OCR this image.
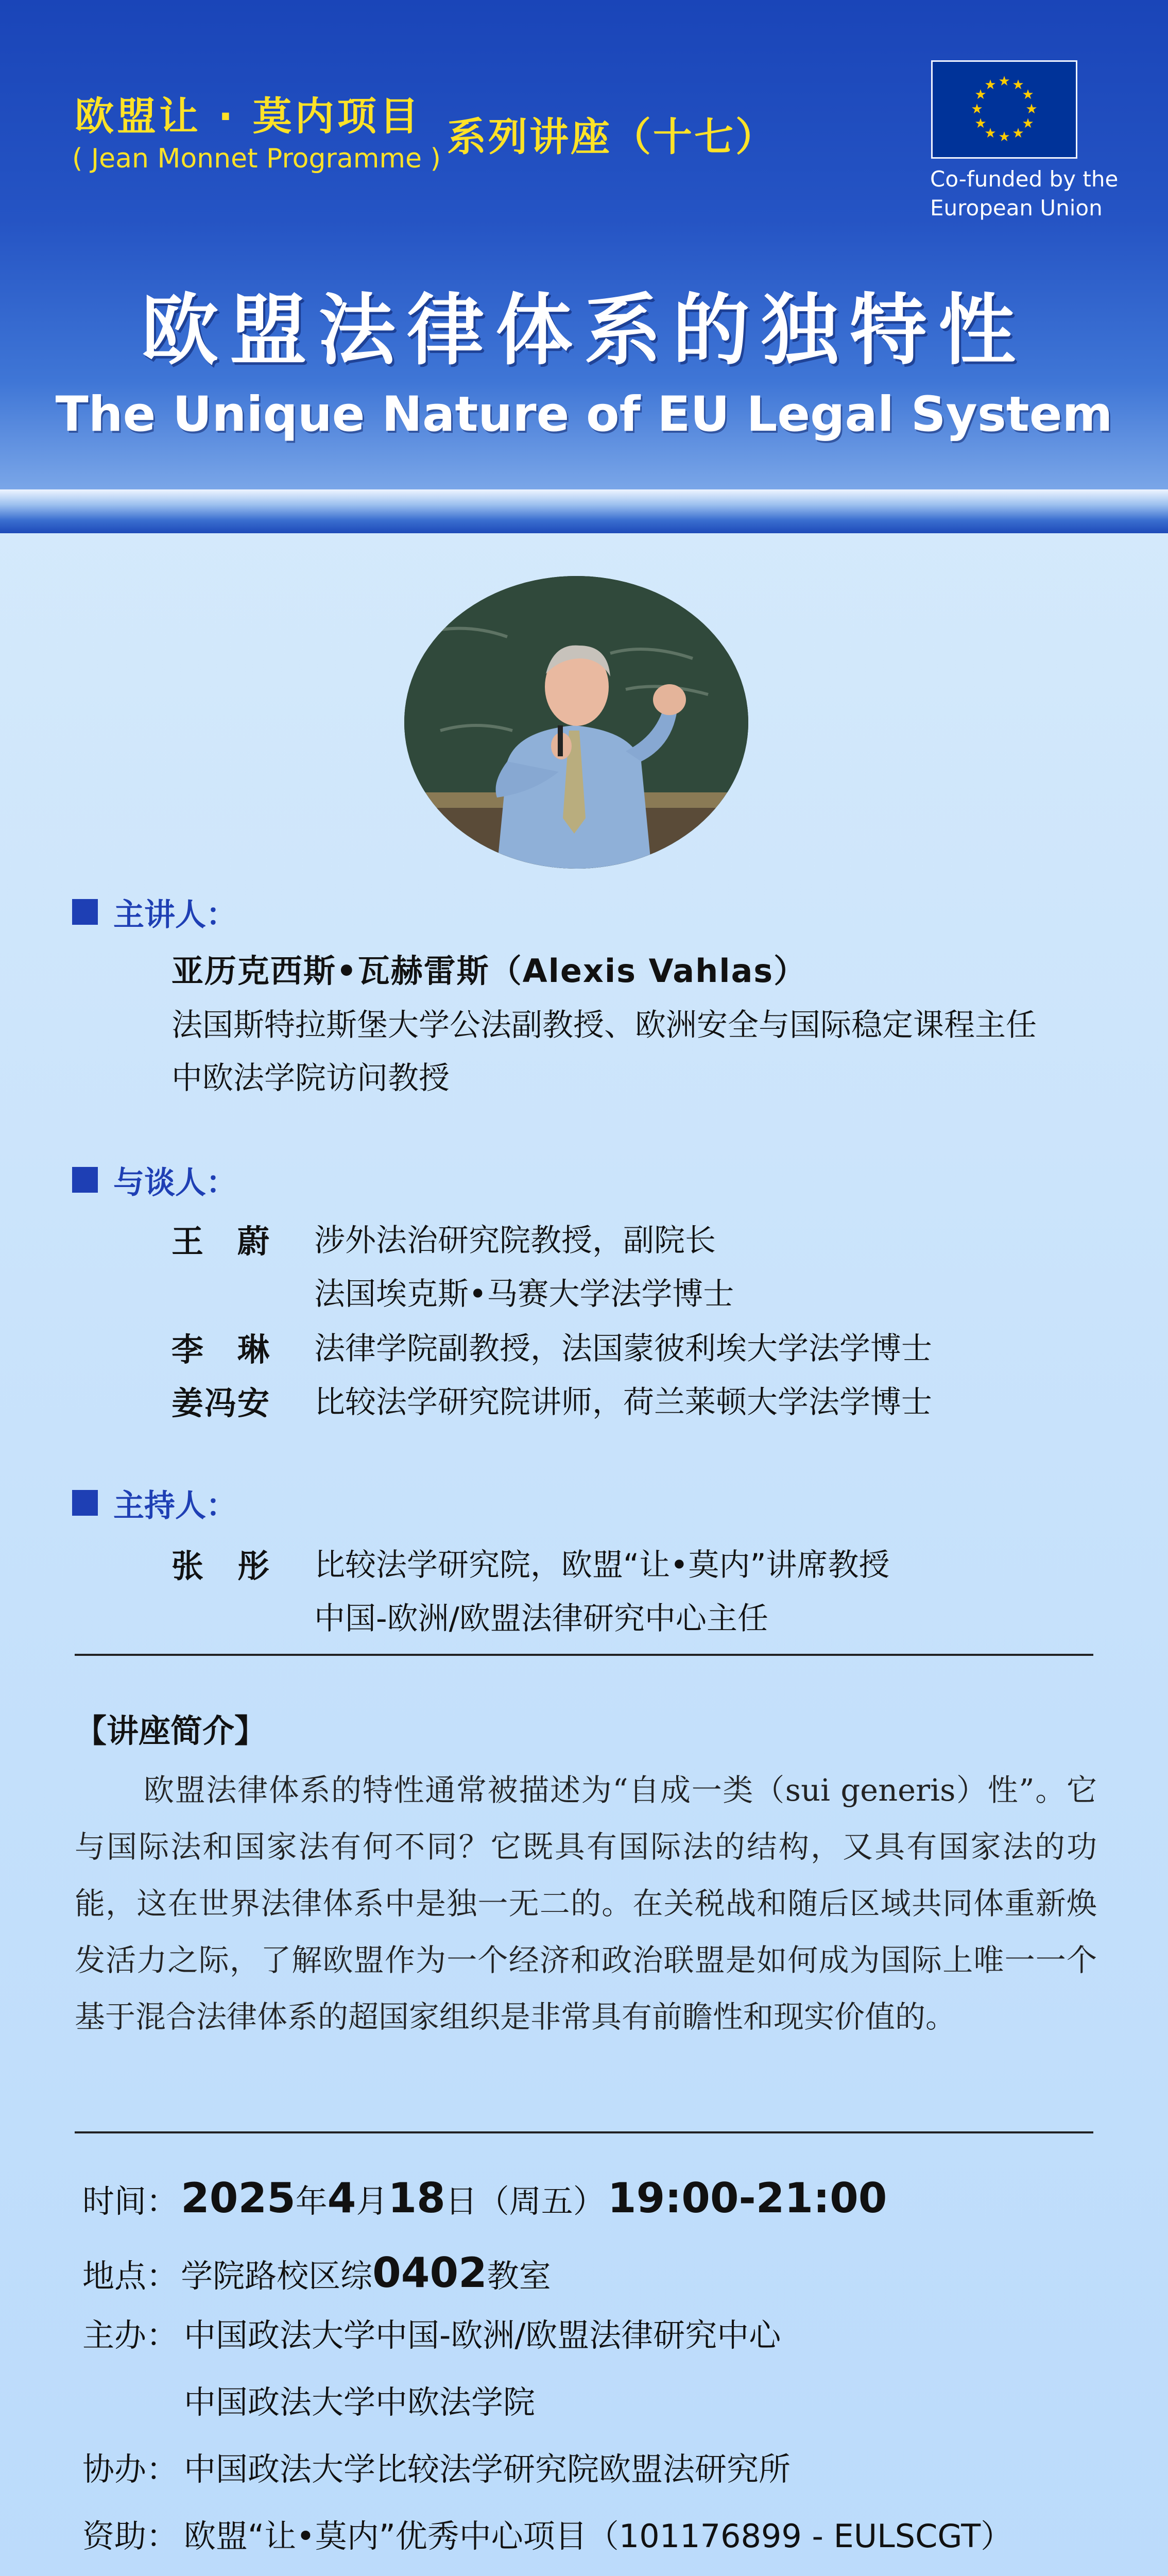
欧盟让 · 莫内项目
( Jean Monnet Programme ) 系列讲座（十七）
★ ★
★
★
★
★
★
★
★
★
★
★
Co-funded by the
European Union
欧盟法律体系的独特性
The Unique Nature of EU Legal System
主讲人：
亚历克西斯•瓦赫雷斯（Alexis Vahlas）
法国斯特拉斯堡大学公法副教授、欧洲安全与国际稳定课程主任
中欧法学院访问教授
与谈人：
王　蔚 涉外法治研究院教授，副院长
法国埃克斯•马赛大学法学博士
李　琳 法律学院副教授，法国蒙彼利埃大学法学博士
姜冯安 比较法学研究院讲师，荷兰莱顿大学法学博士
主持人：
张　彤 比较法学研究院，欧盟“让•莫内”讲席教授
中国-欧洲/欧盟法律研究中心主任
【讲座简介】
欧盟法律体系的特性通常被描述为“自成一类（sui generis）性”。它与国际法和国家法有何不同？它既具有国际法的结构，又具有国家法的功能，这在世界法律体系中是独一无二的。在关税战和随后区域共同体重新焕发活力之际，了解欧盟作为一个经济和政治联盟是如何成为国际上唯一一个基于混合法律体系的超国家组织是非常具有前瞻性和现实价值的。
时间： 2025年4月18日（周五） 19:00-21:00
地点： 学院路校区综0402教室
主办： 中国政法大学中国-欧洲/欧盟法律研究中心
中国政法大学中欧法学院
协办： 中国政法大学比较法学研究院欧盟法研究所
资助： 欧盟“让•莫内”优秀中心项目（101176899 - EULSCGT）
